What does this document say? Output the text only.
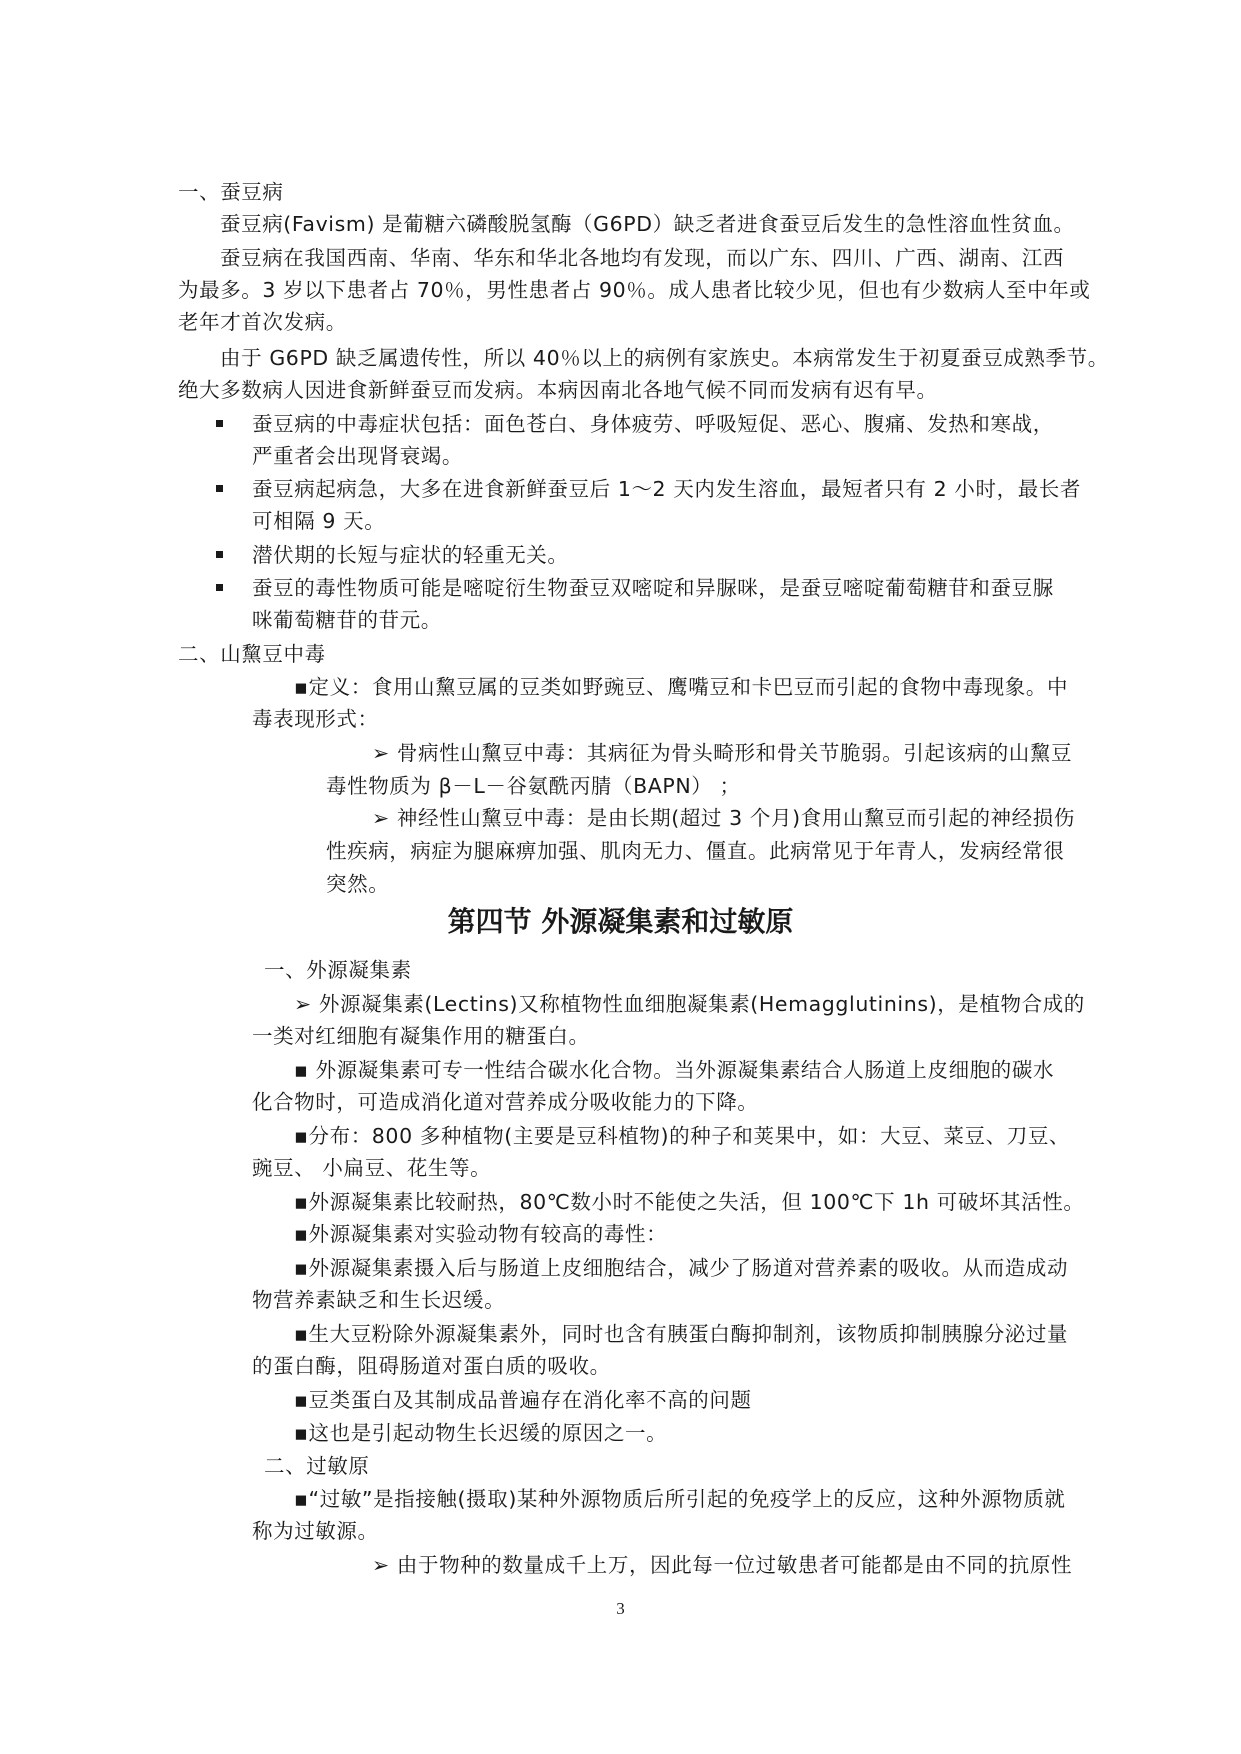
一、蚕豆病
蚕豆病(Favism) 是葡糖六磷酸脱氢酶（G6PD）缺乏者进食蚕豆后发生的急性溶血性贫血。
蚕豆病在我国西南、华南、华东和华北各地均有发现，而以广东、四川、广西、湖南、江西
为最多。3 岁以下患者占 70％，男性患者占 90％。成人患者比较少见，但也有少数病人至中年或
老年才首次发病。
由于 G6PD 缺乏属遗传性，所以 40％以上的病例有家族史。本病常发生于初夏蚕豆成熟季节。
绝大多数病人因进食新鲜蚕豆而发病。本病因南北各地气候不同而发病有迟有早。
蚕豆病的中毒症状包括：面色苍白、身体疲劳、呼吸短促、恶心、腹痛、发热和寒战，
严重者会出现肾衰竭。
蚕豆病起病急，大多在进食新鲜蚕豆后 1～2 天内发生溶血，最短者只有 2 小时，最长者
可相隔 9 天。
潜伏期的长短与症状的轻重无关。
蚕豆的毒性物质可能是嘧啶衍生物蚕豆双嘧啶和异脲咪，是蚕豆嘧啶葡萄糖苷和蚕豆脲
咪葡萄糖苷的苷元。
二、山黧豆中毒
▪定义：食用山黧豆属的豆类如野豌豆、鹰嘴豆和卡巴豆而引起的食物中毒现象。中
毒表现形式：
➢ 骨病性山黧豆中毒：其病征为骨头畸形和骨关节脆弱。引起该病的山黧豆
毒性物质为 β－L－谷氨酰丙腈（BAPN） ；
➢ 神经性山黧豆中毒：是由长期(超过 3 个月)食用山黧豆而引起的神经损伤
性疾病，病症为腿麻痹加强、肌肉无力、僵直。此病常见于年青人，发病经常很
突然。
第四节 外源凝集素和过敏原
一、外源凝集素
➢ 外源凝集素(Lectins)又称植物性血细胞凝集素(Hemagglutinins)，是植物合成的
一类对红细胞有凝集作用的糖蛋白。
▪ 外源凝集素可专一性结合碳水化合物。当外源凝集素结合人肠道上皮细胞的碳水
化合物时，可造成消化道对营养成分吸收能力的下降。
▪分布：800 多种植物(主要是豆科植物)的种子和荚果中，如：大豆、菜豆、刀豆、
豌豆、 小扁豆、花生等。
▪外源凝集素比较耐热，80℃数小时不能使之失活，但 100℃下 1h 可破坏其活性。
▪外源凝集素对实验动物有较高的毒性：
▪外源凝集素摄入后与肠道上皮细胞结合，减少了肠道对营养素的吸收。从而造成动
物营养素缺乏和生长迟缓。
▪生大豆粉除外源凝集素外，同时也含有胰蛋白酶抑制剂，该物质抑制胰腺分泌过量
的蛋白酶，阻碍肠道对蛋白质的吸收。
▪豆类蛋白及其制成品普遍存在消化率不高的问题
▪这也是引起动物生长迟缓的原因之一。
二、过敏原
▪“过敏”是指接触(摄取)某种外源物质后所引起的免疫学上的反应，这种外源物质就
称为过敏源。
➢ 由于物种的数量成千上万，因此每一位过敏患者可能都是由不同的抗原性
3
